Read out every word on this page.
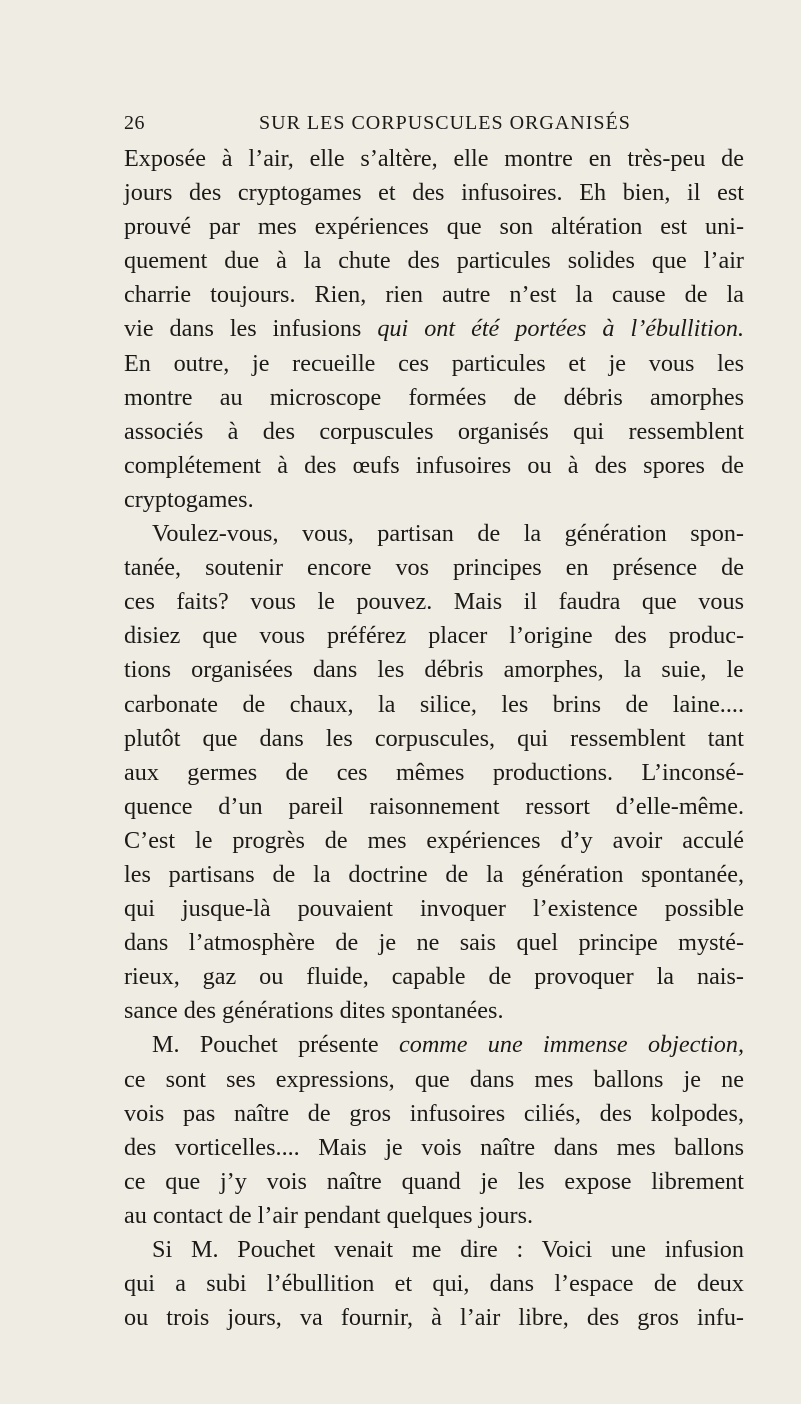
26	SUR LES CORPUSCULES ORGANISÉS
Exposée à l’air, elle s’altère, elle montre en très-peu de
jours des cryptogames et des infusoires. Eh bien, il est
prouvé par mes expériences que son altération est uni-
quement due à la chute des particules solides que l’air
charrie toujours. Rien, rien autre n’est la cause de la
vie dans les infusions qui ont été portées à l’ébullition.
En outre, je recueille ces particules et je vous les
montre au microscope formées de débris amorphes
associés à des corpuscules organisés qui ressemblent
complétement à des œufs infusoires ou à des spores de
cryptogames.
Voulez-vous, vous, partisan de la génération spon-
tanée, soutenir encore vos principes en présence de
ces faits? vous le pouvez. Mais il faudra que vous
disiez que vous préférez placer l’origine des produc-
tions organisées dans les débris amorphes, la suie, le
carbonate de chaux, la silice, les brins de laine....
plutôt que dans les corpuscules, qui ressemblent tant
aux germes de ces mêmes productions. L’inconsé-
quence d’un pareil raisonnement ressort d’elle-même.
C’est le progrès de mes expériences d’y avoir acculé
les partisans de la doctrine de la génération spontanée,
qui jusque-là pouvaient invoquer l’existence possible
dans l’atmosphère de je ne sais quel principe mysté-
rieux, gaz ou fluide, capable de provoquer la nais-
sance des générations dites spontanées.
M. Pouchet présente comme une immense objection,
ce sont ses expressions, que dans mes ballons je ne
vois pas naître de gros infusoires ciliés, des kolpodes,
des vorticelles.... Mais je vois naître dans mes ballons
ce que j’y vois naître quand je les expose librement
au contact de l’air pendant quelques jours.
Si M. Pouchet venait me dire : Voici une infusion
qui a subi l’ébullition et qui, dans l’espace de deux
ou trois jours, va fournir, à l’air libre, des gros infu-
